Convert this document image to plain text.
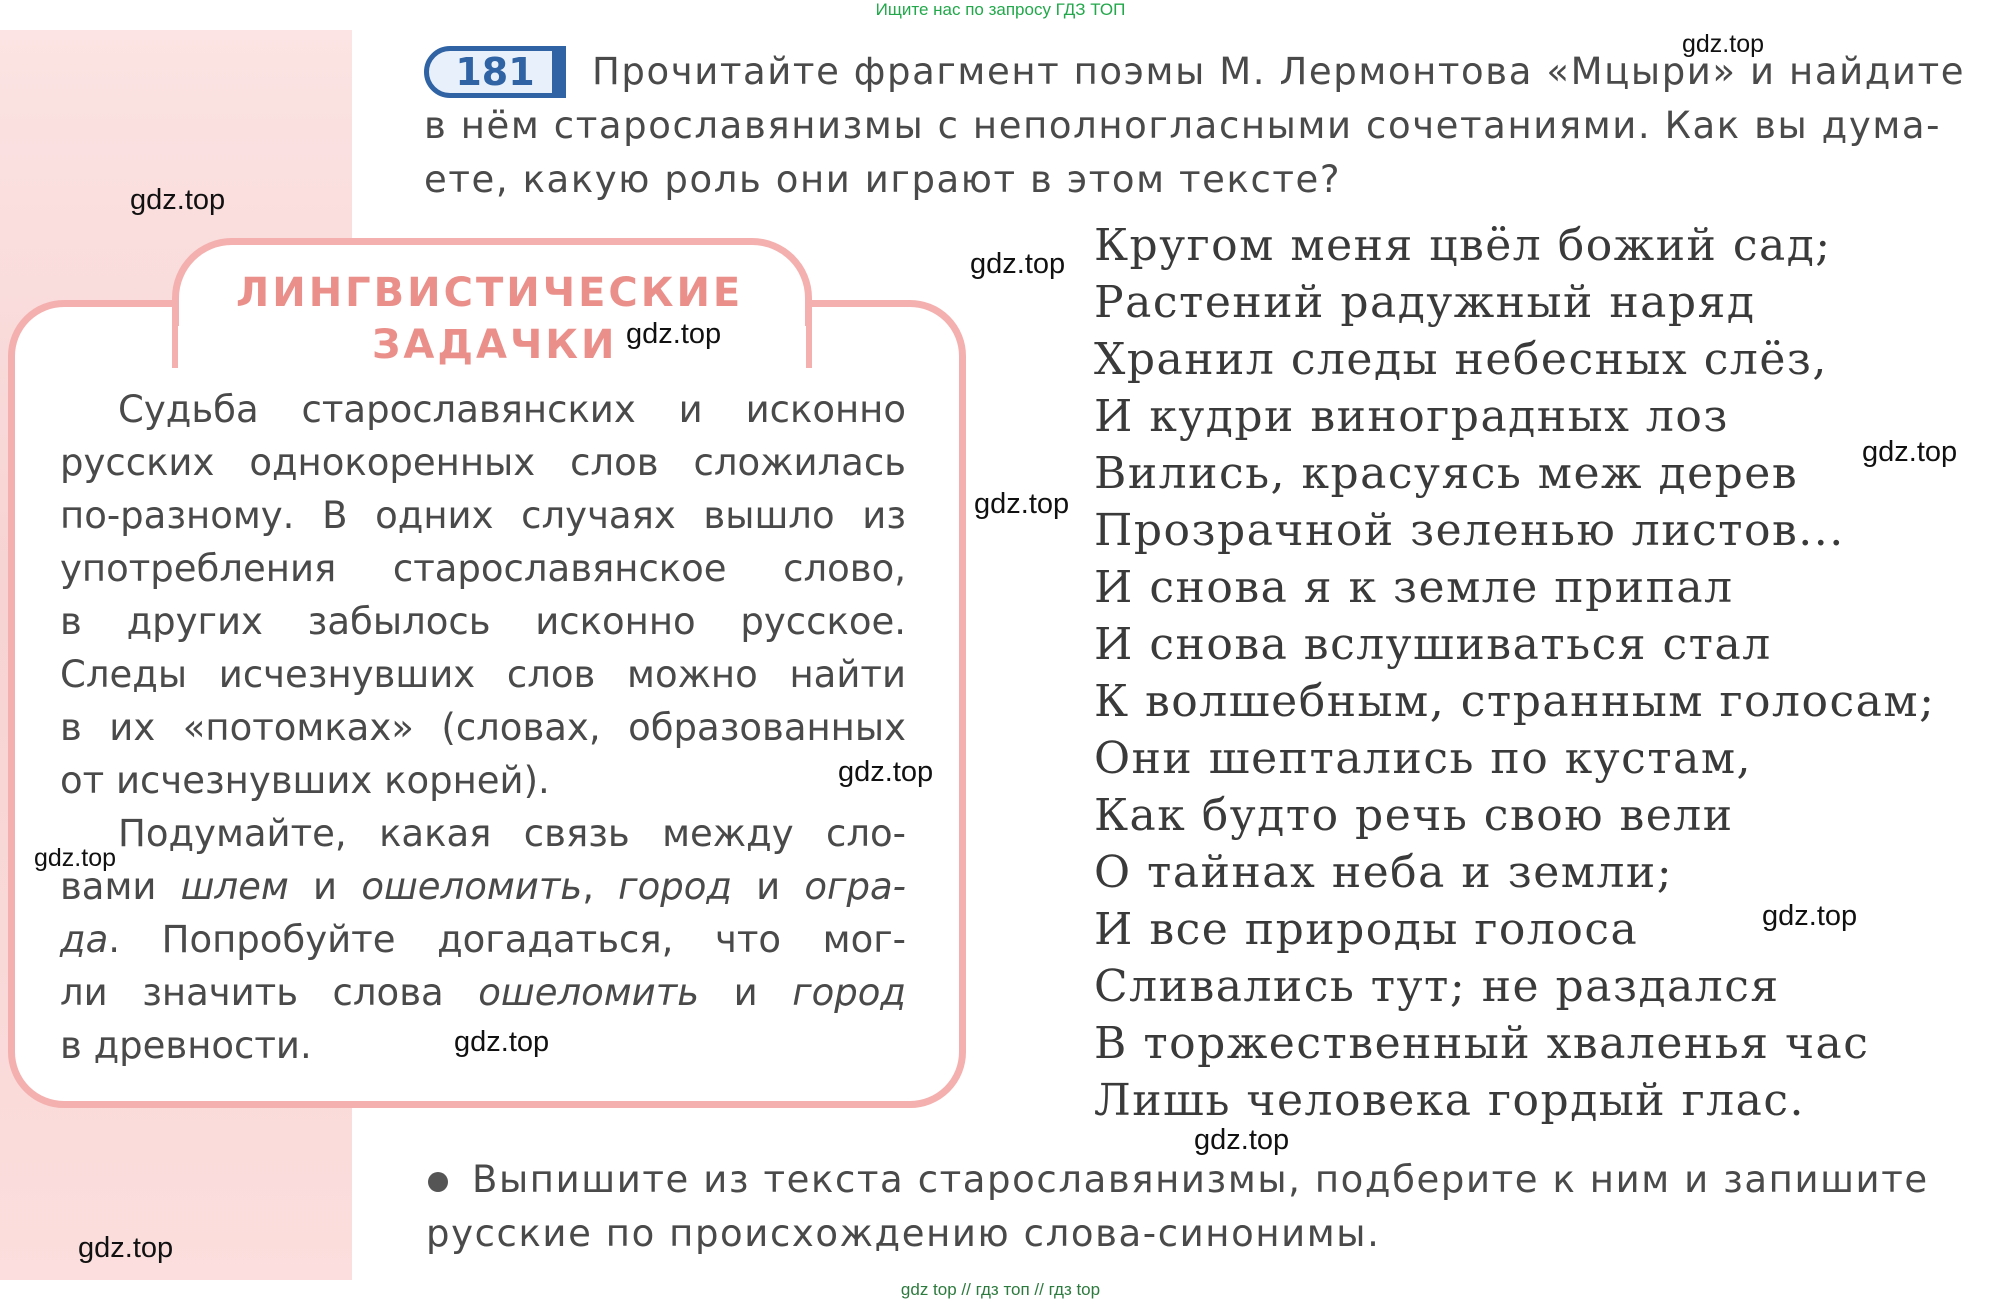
Ищите нас по запросу ГДЗ ТОП
181	Прочитайте фрагмент поэмы М. Лермонтова «Мцыри» и найдите
в нём старославянизмы с неполногласными сочетаниями. Как вы дума-
ете, какую роль они играют в этом тексте?
ЛИНГВИСТИЧЕСКИЕ
ЗАДАЧКИ
Судьба старославянских и исконно
русских однокоренных слов сложилась
по-разному. В одних случаях вышло из
употребления старославянское слово,
в других забылось исконно русское.
Следы исчезнувших слов можно найти
в их «потомках» (словах, образованных
от исчезнувших корней).
Подумайте, какая связь между сло-
вами шлем и ошеломить, город и огра-
да. Попробуйте догадаться, что мог-
ли значить слова ошеломить и город
в древности.
Кругом меня цвёл божий сад;
Растений радужный наряд
Хранил следы небесных слёз,
И кудри виноградных лоз
Вились, красуясь меж дерев
Прозрачной зеленью листов...
И снова я к земле припал
И снова вслушиваться стал
К волшебным, странным голосам;
Они шептались по кустам,
Как будто речь свою вели
О тайнах неба и земли;
И все природы голоса
Сливались тут; не раздался
В торжественный хваленья час
Лишь человека гордый глас.
Выпишите из текста старославянизмы, подберите к ним и запишите
русские по происхождению слова-синонимы.
gdz.top
gdz.top
gdz.top
gdz.top
gdz.top
gdz.top
gdz.top
gdz.top
gdz.top
gdz.top
gdz.top
gdz.top
gdz top // гдз топ // гдз top
